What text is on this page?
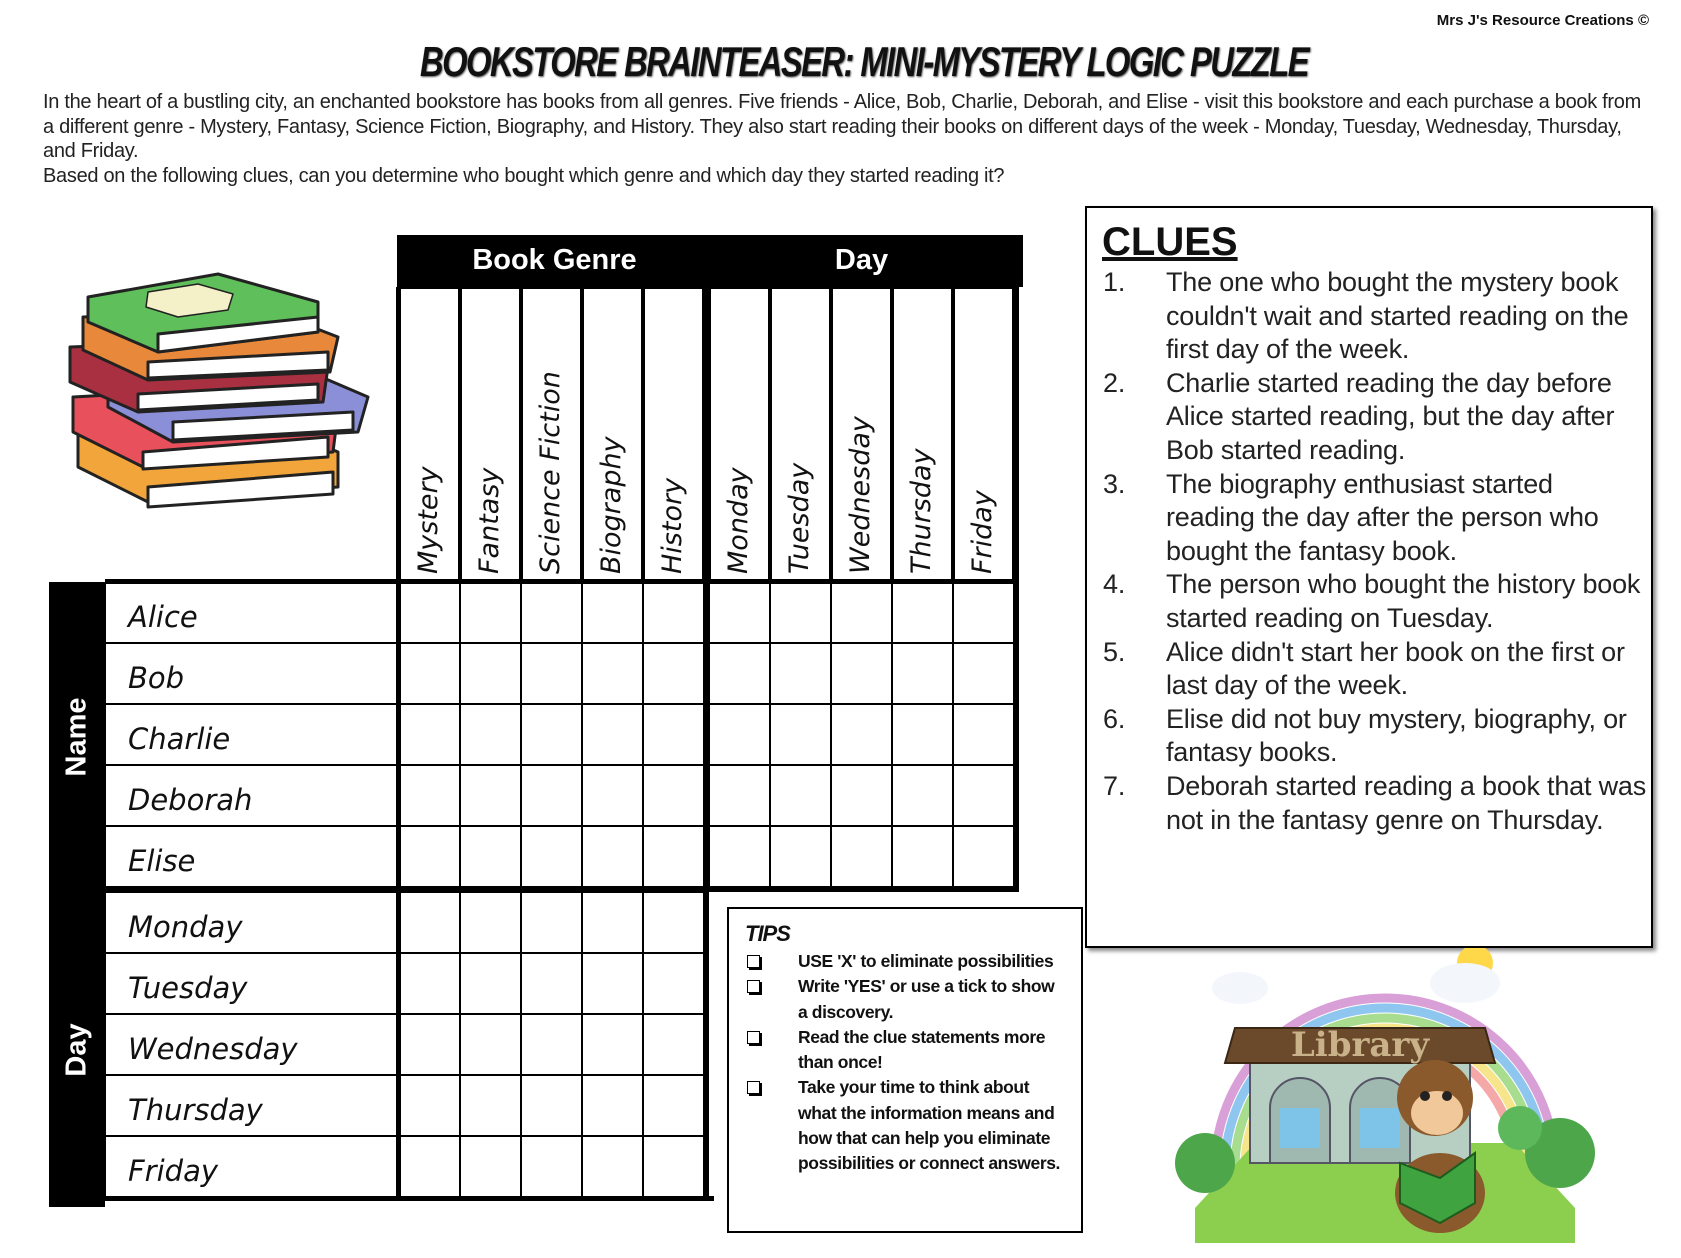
Mrs J's Resource Creations ©
BOOKSTORE BRAINTEASER: MINI-MYSTERY LOGIC PUZZLE

In the heart of a bustling city, an enchanted bookstore has books from all genres. Five friends - Alice, Bob, Charlie, Deborah, and Elise - visit this bookstore and each purchase a book from a different genre - Mystery, Fantasy, Science Fiction, Biography, and History. They also start reading their books on different days of the week - Monday, Tuesday, Wednesday, Thursday, and Friday.

Based on the following clues, can you determine who bought which genre and which day they started reading it?

Book Genre	Day
Mystery Fantasy Science Fiction Biography History Monday Tuesday Wednesday Thursday Friday
Alice
Bob
Charlie
Deborah
Elise
Monday
Tuesday
Wednesday
Thursday
Friday
Name
Day
CLUES
1. The one who bought the mystery book couldn't wait and started reading on the first day of the week.
2. Charlie started reading the day before Alice started reading, but the day after Bob started reading.
3. The biography enthusiast started reading the day after the person who bought the fantasy book.
4. The person who bought the history book started reading on Tuesday.
5. Alice didn't start her book on the first or last day of the week.
6. Elise did not buy mystery, biography, or fantasy books.
7. Deborah started reading a book that was not in the fantasy genre on Thursday.
TIPS
USE 'X' to eliminate possibilities
Write 'YES' or use a tick to show a discovery.
Read the clue statements more than once!
Take your time to think about what the information means and how that can help you eliminate possibilities or connect answers.
Library
